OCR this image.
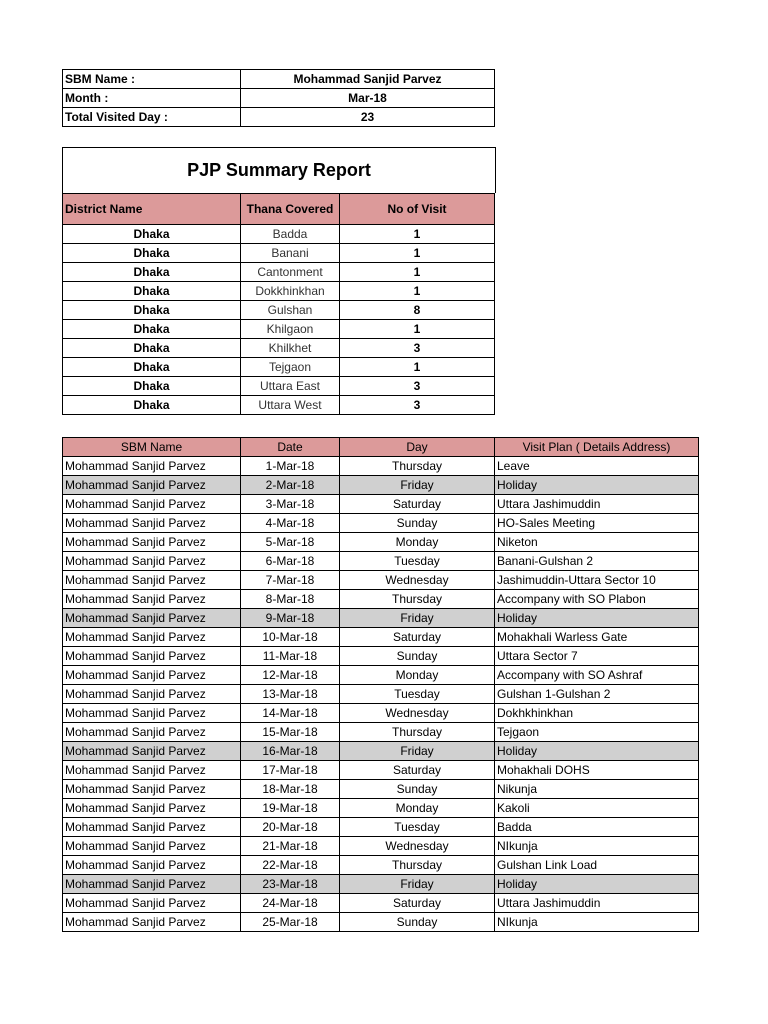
SBM Name :	Mohammad Sanjid Parvez
Month :	Mar-18
Total Visited Day :	23
PJP Summary Report
District Name	Thana Covered	No of Visit
Dhaka	Badda	1
Dhaka	Banani	1
Dhaka	Cantonment	1
Dhaka	Dokkhinkhan	1
Dhaka	Gulshan	8
Dhaka	Khilgaon	1
Dhaka	Khilkhet	3
Dhaka	Tejgaon	1
Dhaka	Uttara East	3
Dhaka	Uttara West	3
SBM Name	Date	Day	Visit Plan ( Details Address)
Mohammad Sanjid Parvez	1-Mar-18	Thursday	Leave
Mohammad Sanjid Parvez	2-Mar-18	Friday	Holiday
Mohammad Sanjid Parvez	3-Mar-18	Saturday	Uttara Jashimuddin
Mohammad Sanjid Parvez	4-Mar-18	Sunday	HO-Sales Meeting
Mohammad Sanjid Parvez	5-Mar-18	Monday	Niketon
Mohammad Sanjid Parvez	6-Mar-18	Tuesday	Banani-Gulshan 2
Mohammad Sanjid Parvez	7-Mar-18	Wednesday	Jashimuddin-Uttara Sector 10
Mohammad Sanjid Parvez	8-Mar-18	Thursday	Accompany with SO Plabon
Mohammad Sanjid Parvez	9-Mar-18	Friday	Holiday
Mohammad Sanjid Parvez	10-Mar-18	Saturday	Mohakhali Warless Gate
Mohammad Sanjid Parvez	11-Mar-18	Sunday	Uttara Sector 7
Mohammad Sanjid Parvez	12-Mar-18	Monday	Accompany with SO Ashraf
Mohammad Sanjid Parvez	13-Mar-18	Tuesday	Gulshan 1-Gulshan 2
Mohammad Sanjid Parvez	14-Mar-18	Wednesday	Dokhkhinkhan
Mohammad Sanjid Parvez	15-Mar-18	Thursday	Tejgaon
Mohammad Sanjid Parvez	16-Mar-18	Friday	Holiday
Mohammad Sanjid Parvez	17-Mar-18	Saturday	Mohakhali DOHS
Mohammad Sanjid Parvez	18-Mar-18	Sunday	Nikunja
Mohammad Sanjid Parvez	19-Mar-18	Monday	Kakoli
Mohammad Sanjid Parvez	20-Mar-18	Tuesday	Badda
Mohammad Sanjid Parvez	21-Mar-18	Wednesday	NIkunja
Mohammad Sanjid Parvez	22-Mar-18	Thursday	Gulshan Link Load
Mohammad Sanjid Parvez	23-Mar-18	Friday	Holiday
Mohammad Sanjid Parvez	24-Mar-18	Saturday	Uttara Jashimuddin
Mohammad Sanjid Parvez	25-Mar-18	Sunday	NIkunja
